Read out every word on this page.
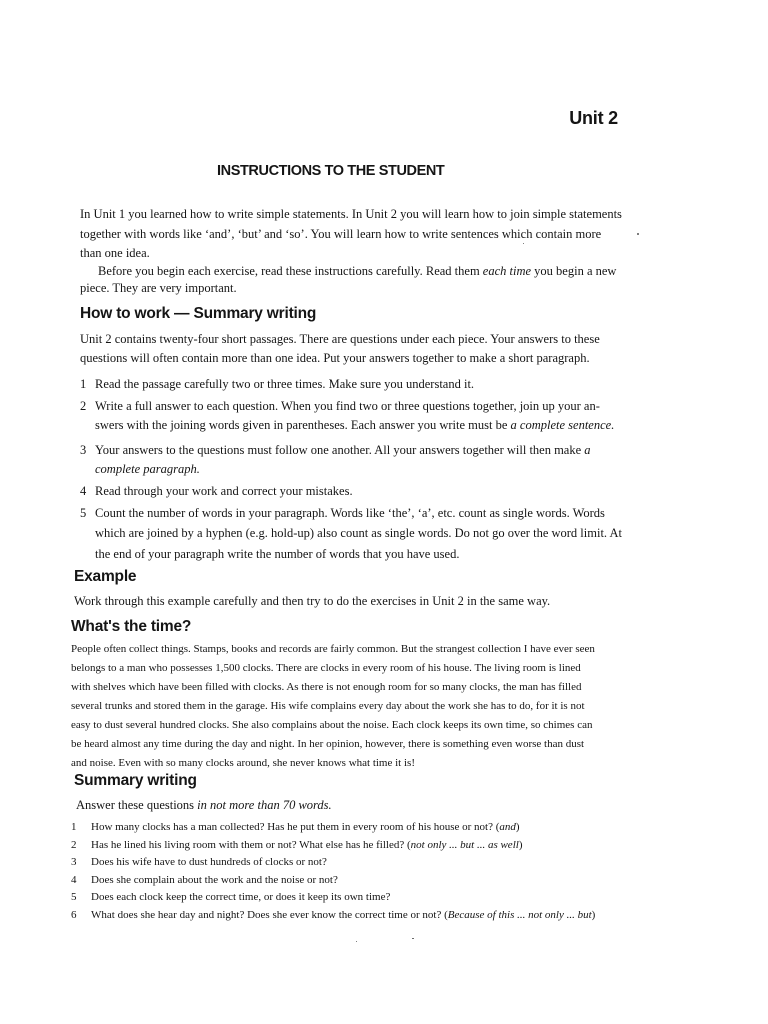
Unit 2
INSTRUCTIONS TO THE STUDENT
In Unit 1 you learned how to write simple statements. In Unit 2 you will learn how to join simple statements
together with words like ‘and’, ‘but’ and ‘so’. You will learn how to write sentences which contain more
than one idea.
Before you begin each exercise, read these instructions carefully. Read them each time you begin a new
piece. They are very important.
How to work — Summary writing
Unit 2 contains twenty-four short passages. There are questions under each piece. Your answers to these
questions will often contain more than one idea. Put your answers together to make a short paragraph.
1 Read the passage carefully two or three times. Make sure you understand it.
2 Write a full answer to each question. When you find two or three questions together, join up your an-
swers with the joining words given in parentheses. Each answer you write must be a complete sentence.
3 Your answers to the questions must follow one another. All your answers together will then make a
complete paragraph.
4 Read through your work and correct your mistakes.
5 Count the number of words in your paragraph. Words like ‘the’, ‘a’, etc. count as single words. Words
which are joined by a hyphen (e.g. hold-up) also count as single words. Do not go over the word limit. At
the end of your paragraph write the number of words that you have used.
Example
Work through this example carefully and then try to do the exercises in Unit 2 in the same way.
What's the time?
People often collect things. Stamps, books and records are fairly common. But the strangest collection I have ever seen
belongs to a man who possesses 1,500 clocks. There are clocks in every room of his house. The living room is lined
with shelves which have been filled with clocks. As there is not enough room for so many clocks, the man has filled
several trunks and stored them in the garage. His wife complains every day about the work she has to do, for it is not
easy to dust several hundred clocks. She also complains about the noise. Each clock keeps its own time, so chimes can
be heard almost any time during the day and night. In her opinion, however, there is something even worse than dust
and noise. Even with so many clocks around, she never knows what time it is!
Summary writing
Answer these questions in not more than 70 words.
1	How many clocks has a man collected? Has he put them in every room of his house or not? (and)
2	Has he lined his living room with them or not? What else has he filled? (not only ... but ... as well)
3	Does his wife have to dust hundreds of clocks or not?
4	Does she complain about the work and the noise or not?
5	Does each clock keep the correct time, or does it keep its own time?
6	What does she hear day and night? Does she ever know the correct time or not? (Because of this ... not only ... but)
